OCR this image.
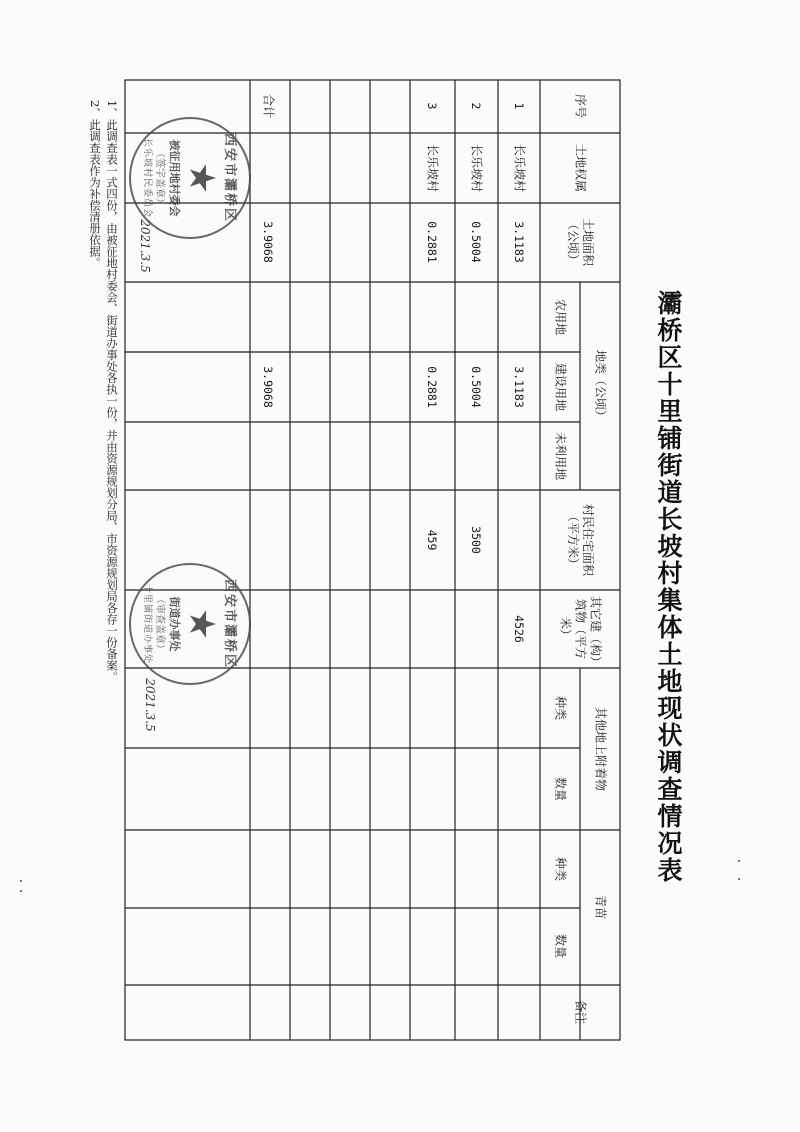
灞桥区十里铺街道长坡村集体土地现状调查情况表
序号
土地权属
土地面积（公顷）
地类（公顷）
农用地
建设用地
未利用地
村民住宅面积（平方米）
其它建（构）筑物（平方米）
其他地上附着物
种类
数量
青苗
种类
数量
备注
1
长乐坡村
3.1183
3.1183
4526
2
长乐坡村
0.5004
0.5004
3500
3
长乐坡村
0.2881
0.2881
459
合计
3.9068
3.9068
西安市灞桥区
★
被征用地村委会
（签字盖章）
长乐坡村民委员会
2021.3.5
西安市灞桥区
★
街道办事处
（审查盖章）
十里铺街道办事处
2021.3.5
1、此调查表一式四份，由被征地村委会、街道办事处各执一份，并由资源规划分局、市资源规划局各存一份备案。
2、此调查表作为补偿清册依据。
